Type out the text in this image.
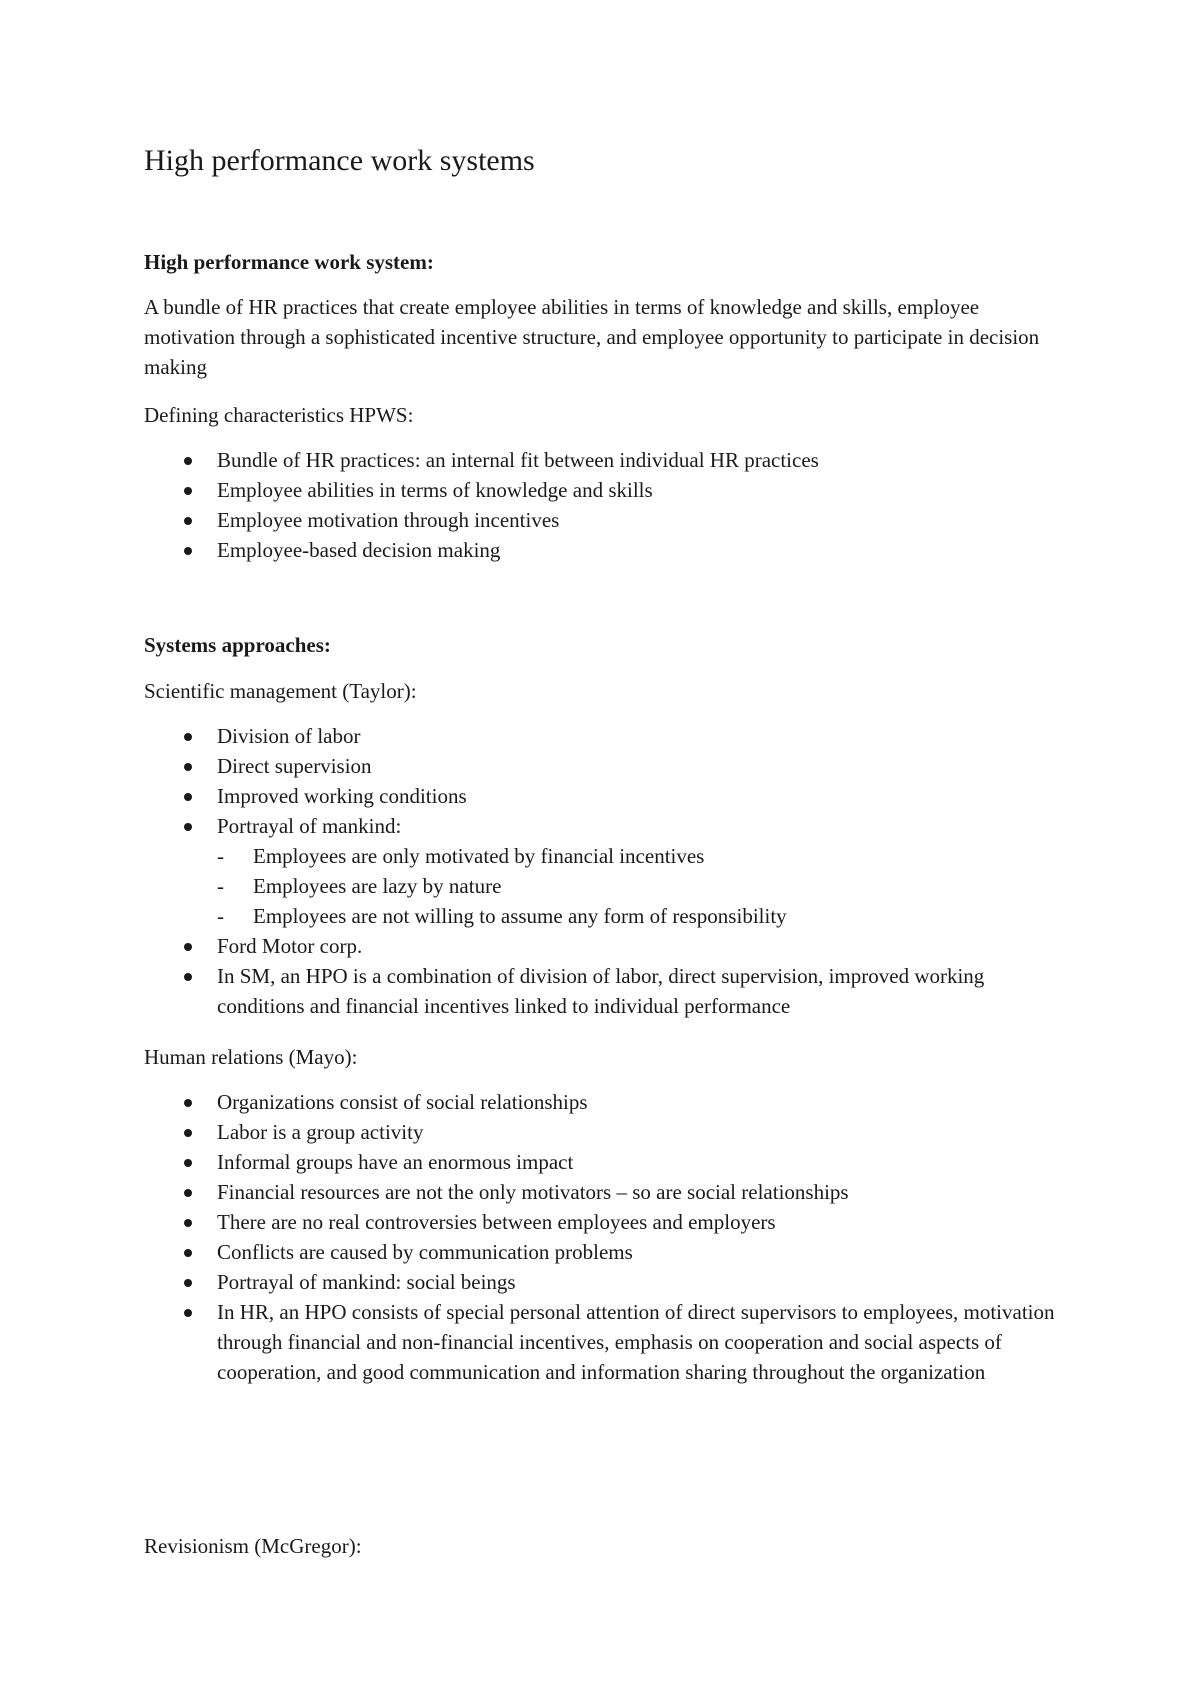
High performance work systems
High performance work system:

A bundle of HR practices that create employee abilities in terms of knowledge and skills, employee motivation through a sophisticated incentive structure, and employee opportunity to participate in decision making

Defining characteristics HPWS:

Bundle of HR practices: an internal fit between individual HR practices
Employee abilities in terms of knowledge and skills
Employee motivation through incentives
Employee-based decision making
Systems approaches:

Scientific management (Taylor):

Division of labor
Direct supervision
Improved working conditions
Portrayal of mankind:
- Employees are only motivated by financial incentives
- Employees are lazy by nature
- Employees are not willing to assume any form of responsibility
Ford Motor corp.
In SM, an HPO is a combination of division of labor, direct supervision, improved working conditions and financial incentives linked to individual performance

Human relations (Mayo):

Organizations consist of social relationships
Labor is a group activity
Informal groups have an enormous impact
Financial resources are not the only motivators – so are social relationships
There are no real controversies between employees and employers
Conflicts are caused by communication problems
Portrayal of mankind: social beings
In HR, an HPO consists of special personal attention of direct supervisors to employees, motivation through financial and non-financial incentives, emphasis on cooperation and social aspects of cooperation, and good communication and information sharing throughout the organization

Revisionism (McGregor):
